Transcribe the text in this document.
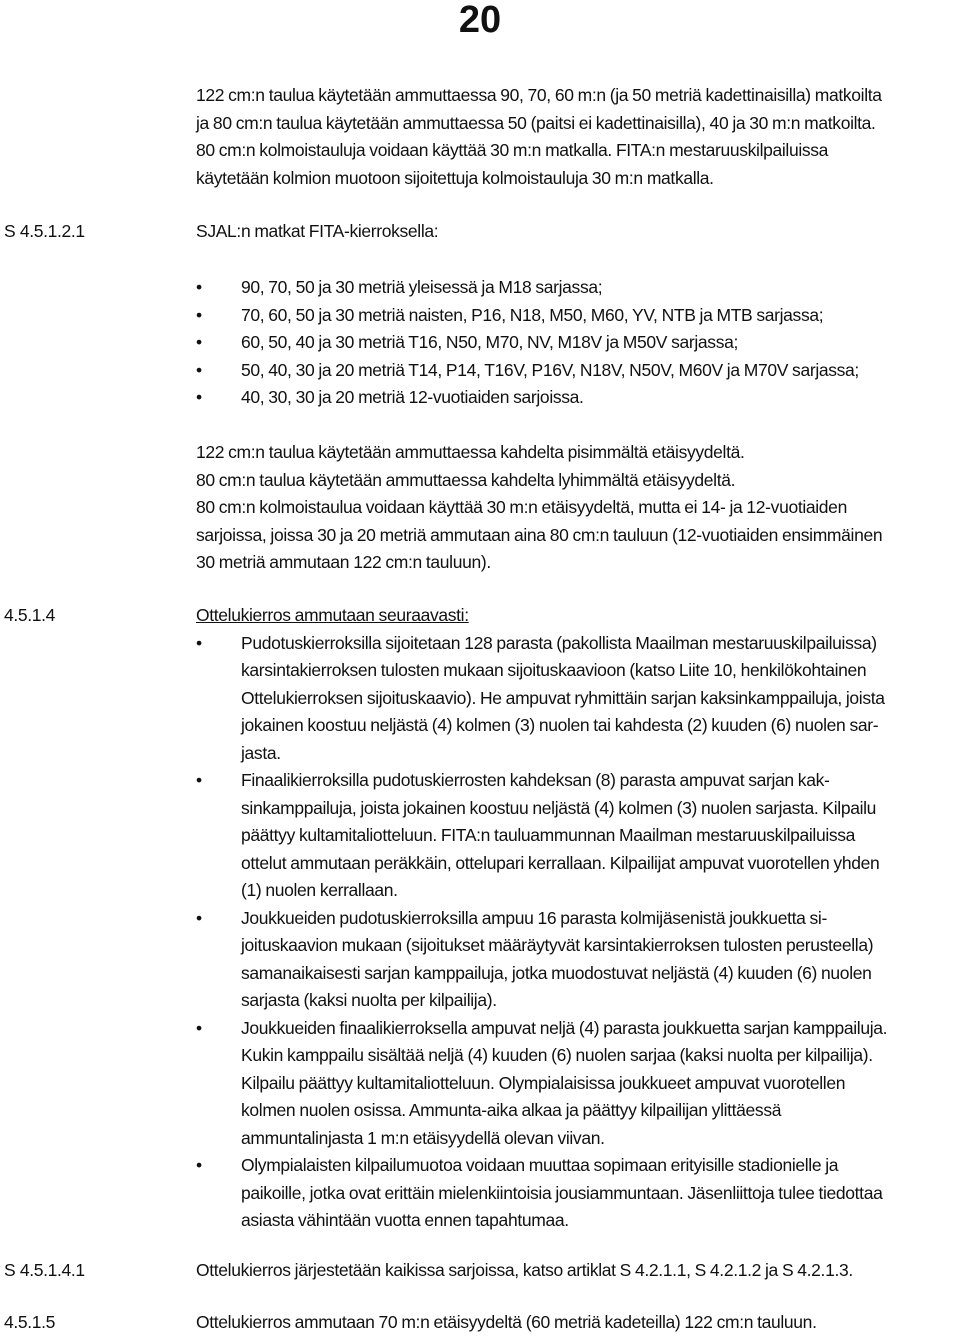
20
122 cm:n taulua käytetään ammuttaessa 90, 70, 60 m:n (ja 50 metriä kadettinaisilla) matkoilta
ja 80 cm:n taulua käytetään ammuttaessa 50 (paitsi ei kadettinaisilla), 40 ja 30 m:n matkoilta.
80 cm:n kolmoistauluja voidaan käyttää 30 m:n matkalla. FITA:n mestaruuskilpailuissa
käytetään kolmion muotoon sijoitettuja kolmoistauluja 30 m:n matkalla.
S 4.5.1.2.1	SJAL:n matkat FITA-kierroksella:
• 90, 70, 50 ja 30 metriä yleisessä ja M18 sarjassa;
• 70, 60, 50 ja 30 metriä naisten, P16, N18, M50, M60, YV, NTB ja MTB sarjassa;
• 60, 50, 40 ja 30 metriä T16, N50, M70, NV, M18V ja M50V sarjassa;
• 50, 40, 30 ja 20 metriä T14, P14, T16V, P16V, N18V, N50V, M60V ja M70V sarjassa;
• 40, 30, 30 ja 20 metriä 12-vuotiaiden sarjoissa.
122 cm:n taulua käytetään ammuttaessa kahdelta pisimmältä etäisyydeltä.
80 cm:n taulua käytetään ammuttaessa kahdelta lyhimmältä etäisyydeltä.
80 cm:n kolmoistaulua voidaan käyttää 30 m:n etäisyydeltä, mutta ei 14- ja 12-vuotiaiden
sarjoissa, joissa 30 ja 20 metriä ammutaan aina 80 cm:n tauluun (12-vuotiaiden ensimmäinen
30 metriä ammutaan 122 cm:n tauluun).
4.5.1.4	Ottelukierros ammutaan seuraavasti:
• Pudotuskierroksilla sijoitetaan 128 parasta (pakollista Maailman mestaruuskilpailuissa)
karsintakierroksen tulosten mukaan sijoituskaavioon (katso Liite 10, henkilökohtainen
Ottelukierroksen sijoituskaavio). He ampuvat ryhmittäin sarjan kaksinkamppailuja, joista
jokainen koostuu neljästä (4) kolmen (3) nuolen tai kahdesta (2) kuuden (6) nuolen sar-
jasta.
• Finaalikierroksilla pudotuskierrosten kahdeksan (8) parasta ampuvat sarjan kak-
sinkamppailuja, joista jokainen koostuu neljästä (4) kolmen (3) nuolen sarjasta. Kilpailu
päättyy kultamitaliotteluun. FITA:n tauluammunnan Maailman mestaruuskilpailuissa
ottelut ammutaan peräkkäin, ottelupari kerrallaan. Kilpailijat ampuvat vuorotellen yhden
(1) nuolen kerrallaan.
• Joukkueiden pudotuskierroksilla ampuu 16 parasta kolmijäsenistä joukkuetta si-
joituskaavion mukaan (sijoitukset määräytyvät karsintakierroksen tulosten perusteella)
samanaikaisesti sarjan kamppailuja, jotka muodostuvat neljästä (4) kuuden (6) nuolen
sarjasta (kaksi nuolta per kilpailija).
• Joukkueiden finaalikierroksella ampuvat neljä (4) parasta joukkuetta sarjan kamppailuja.
Kukin kamppailu sisältää neljä (4) kuuden (6) nuolen sarjaa (kaksi nuolta per kilpailija).
Kilpailu päättyy kultamitaliotteluun. Olympialaisissa joukkueet ampuvat vuorotellen
kolmen nuolen osissa. Ammunta-aika alkaa ja päättyy kilpailijan ylittäessä
ammuntalinjasta 1 m:n etäisyydellä olevan viivan.
• Olympialaisten kilpailumuotoa voidaan muuttaa sopimaan erityisille stadionielle ja
paikoille, jotka ovat erittäin mielenkiintoisia jousiammuntaan. Jäsenliittoja tulee tiedottaa
asiasta vähintään vuotta ennen tapahtumaa.
S 4.5.1.4.1	Ottelukierros järjestetään kaikissa sarjoissa, katso artiklat S 4.2.1.1, S 4.2.1.2 ja S 4.2.1.3.
4.5.1.5	Ottelukierros ammutaan 70 m:n etäisyydeltä (60 metriä kadeteilla) 122 cm:n tauluun.
